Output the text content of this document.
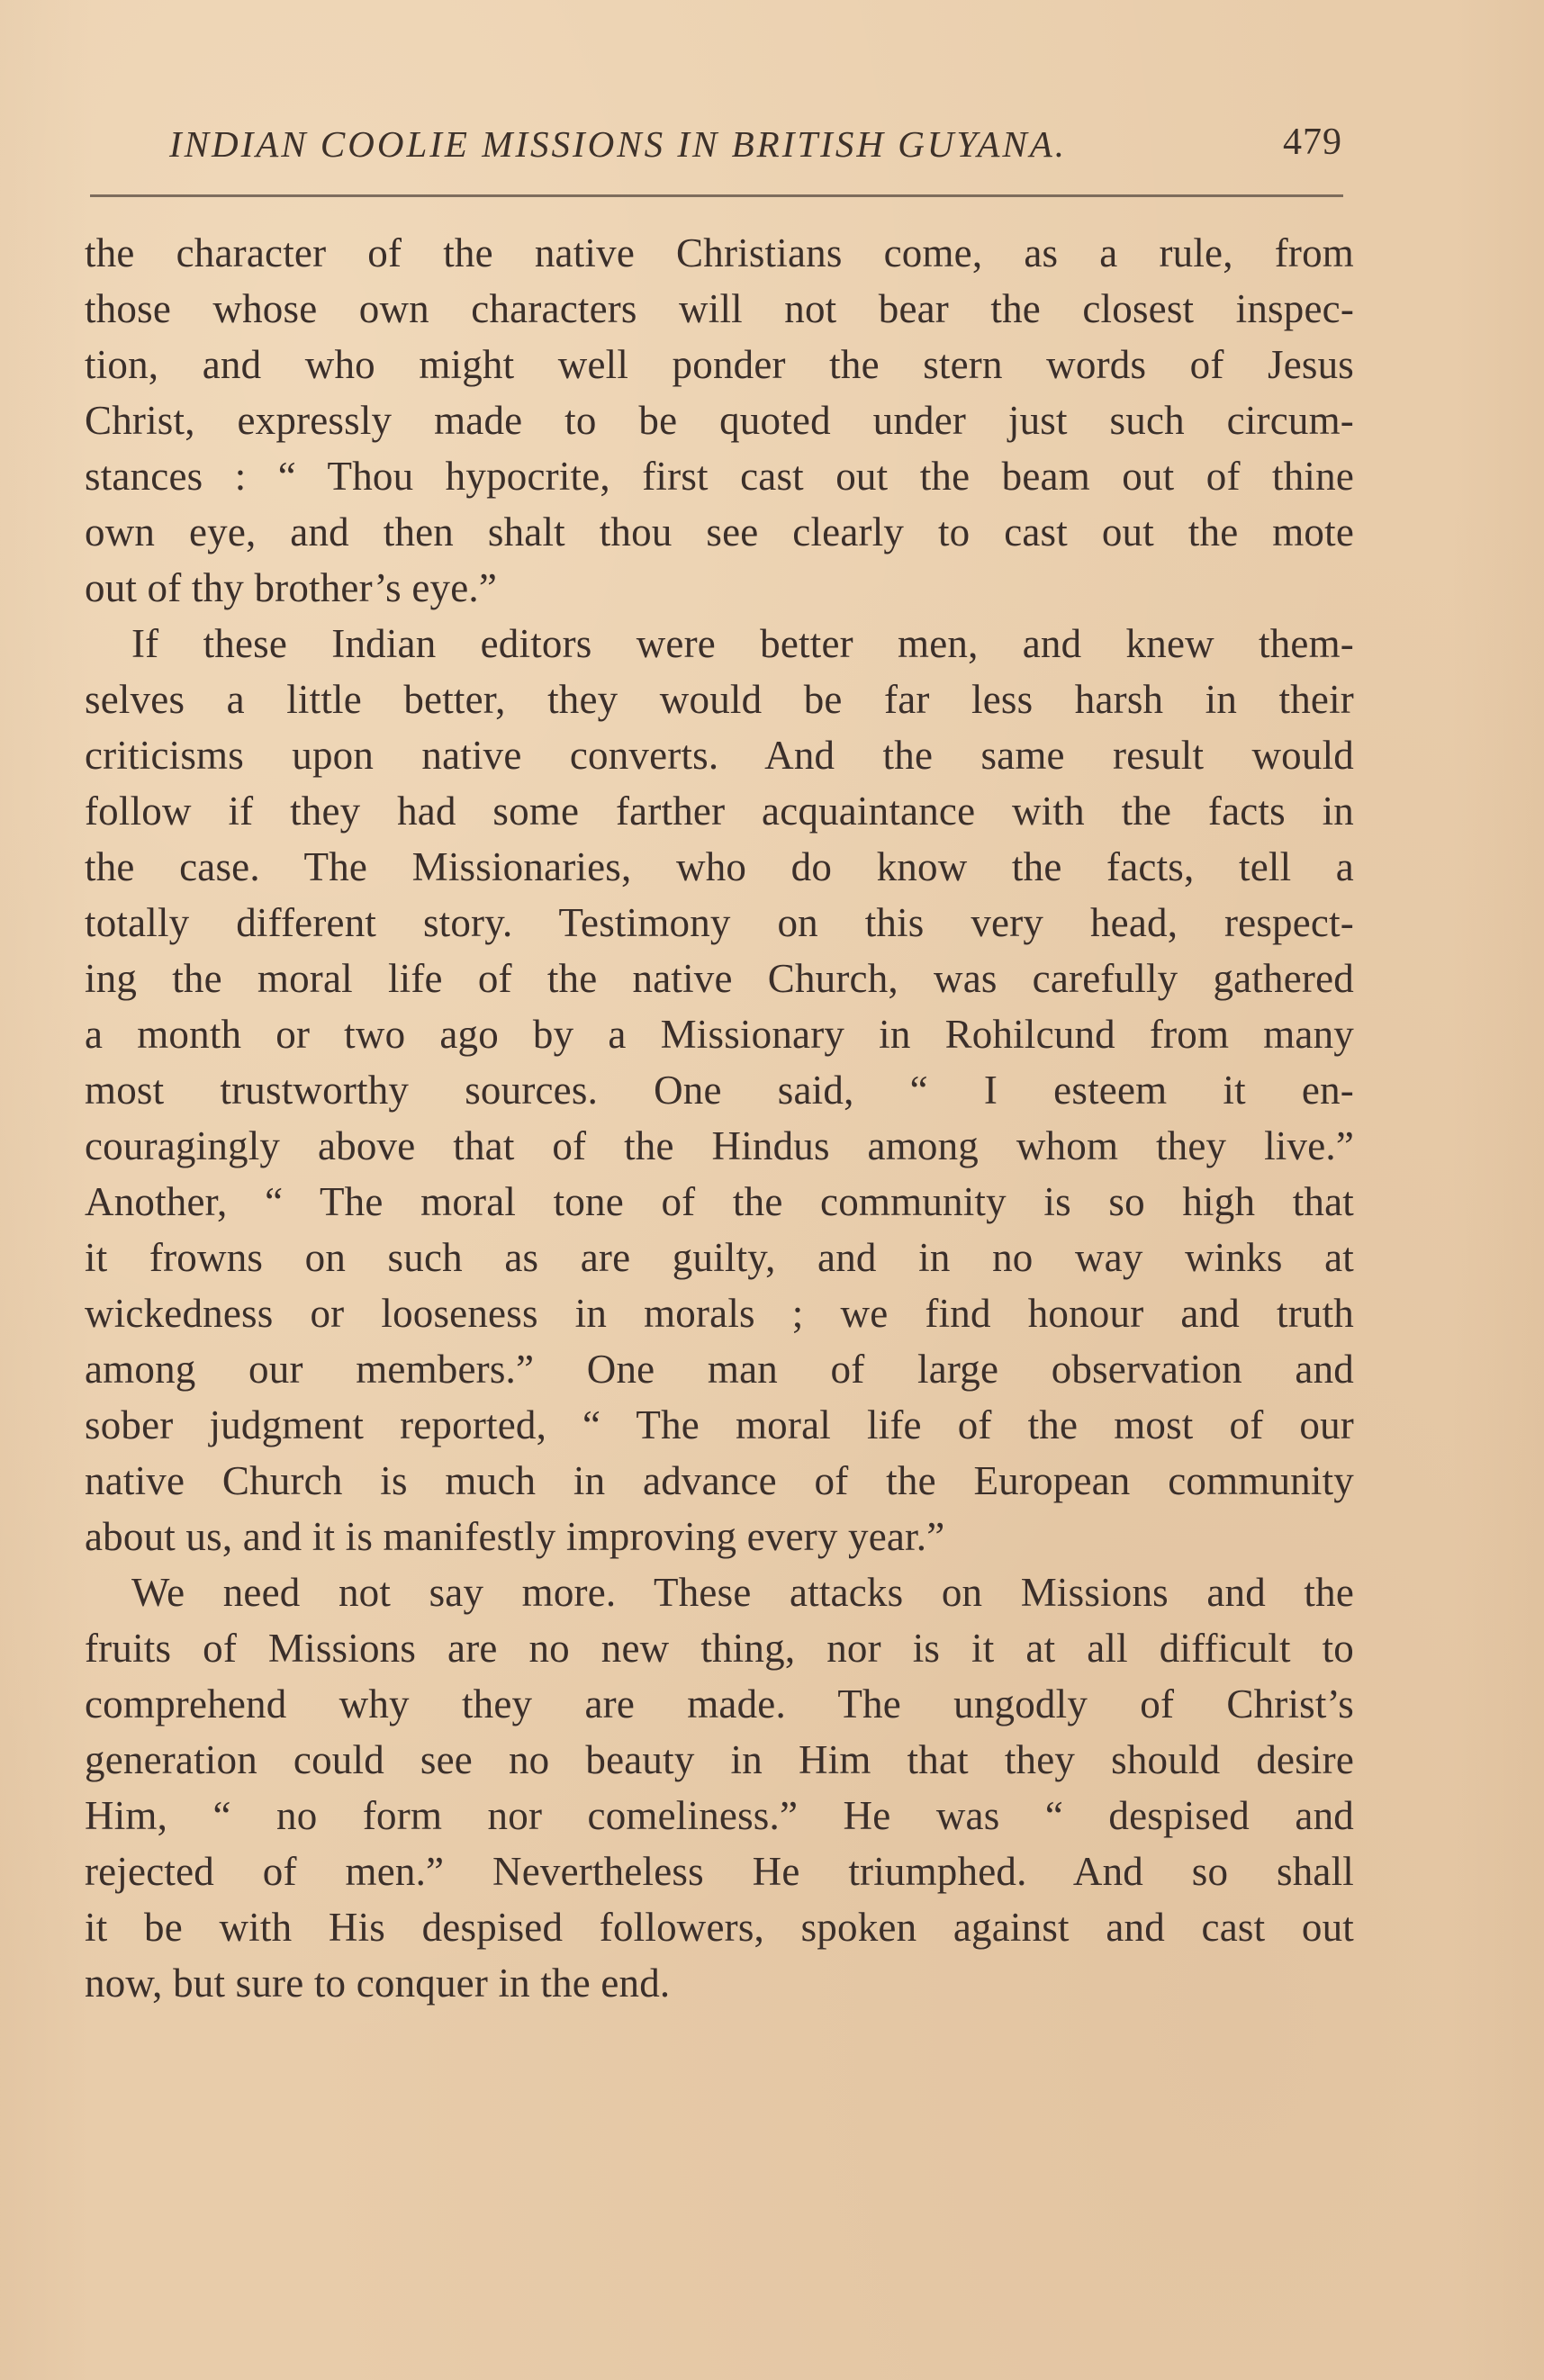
INDIAN COOLIE MISSIONS IN BRITISH GUYANA.	479
the character of the native Christians come, as a rule, from
those whose own characters will not bear the closest inspec-
tion, and who might well ponder the stern words of Jesus
Christ, expressly made to be quoted under just such circum-
stances : “ Thou hypocrite, first cast out the beam out of thine
own eye, and then shalt thou see clearly to cast out the mote
out of thy brother’s eye.”
If these Indian editors were better men, and knew them-
selves a little better, they would be far less harsh in their
criticisms upon native converts. And the same result would
follow if they had some farther acquaintance with the facts in
the case. The Missionaries, who do know the facts, tell a
totally different story. Testimony on this very head, respect-
ing the moral life of the native Church, was carefully gathered
a month or two ago by a Missionary in Rohilcund from many
most trustworthy sources. One said, “ I esteem it en-
couragingly above that of the Hindus among whom they live.”
Another, “ The moral tone of the community is so high that
it frowns on such as are guilty, and in no way winks at
wickedness or looseness in morals ; we find honour and truth
among our members.” One man of large observation and
sober judgment reported, “ The moral life of the most of our
native Church is much in advance of the European community
about us, and it is manifestly improving every year.”
We need not say more. These attacks on Missions and the
fruits of Missions are no new thing, nor is it at all difficult to
comprehend why they are made. The ungodly of Christ’s
generation could see no beauty in Him that they should desire
Him, “ no form nor comeliness.” He was “ despised and
rejected of men.” Nevertheless He triumphed. And so shall
it be with His despised followers, spoken against and cast out
now, but sure to conquer in the end.
